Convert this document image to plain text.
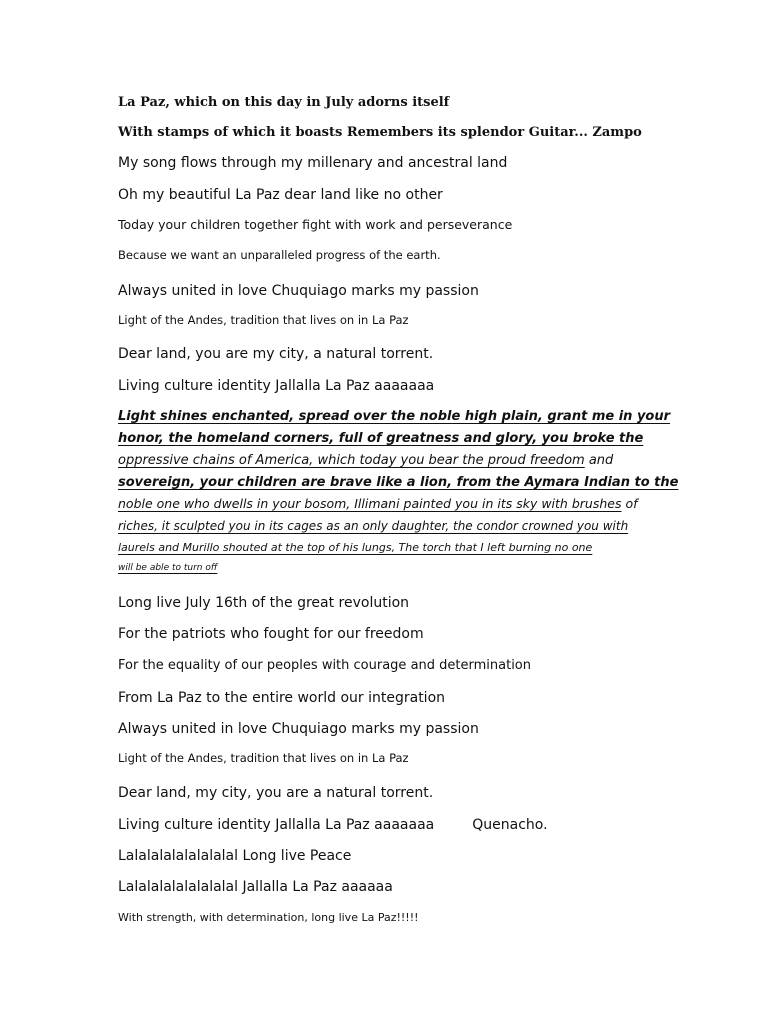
La Paz, which on this day in July adorns itself
With stamps of which it boasts Remembers its splendor Guitar... Zampo
My song flows through my millenary and ancestral land
Oh my beautiful La Paz dear land like no other
Today your children together fight with work and perseverance
Because we want an unparalleled progress of the earth.
Always united in love Chuquiago marks my passion
Light of the Andes, tradition that lives on in La Paz
Dear land, you are my city, a natural torrent.
Living culture identity Jallalla La Paz aaaaaaa
Light shines enchanted, spread over the noble high plain, grant me in your
honor, the homeland corners, full of greatness and glory, you broke the
oppressive chains of America, which today you bear the proud freedom and
sovereign, your children are brave like a lion, from the Aymara Indian to the
noble one who dwells in your bosom, Illimani painted you in its sky with brushes of
riches, it sculpted you in its cages as an only daughter, the condor crowned you with
laurels and Murillo shouted at the top of his lungs, The torch that I left burning no one
will be able to turn off
Long live July 16th of the great revolution
For the patriots who fought for our freedom
For the equality of our peoples with courage and determination
From La Paz to the entire world our integration
Always united in love Chuquiago marks my passion
Light of the Andes, tradition that lives on in La Paz
Dear land, my city, you are a natural torrent.
Living culture identity Jallalla La Paz aaaaaaa	Quenacho.
Lalalalalalalalalal Long live Peace
Lalalalalalalalalal Jallalla La Paz aaaaaa
With strength, with determination, long live La Paz!!!!!
